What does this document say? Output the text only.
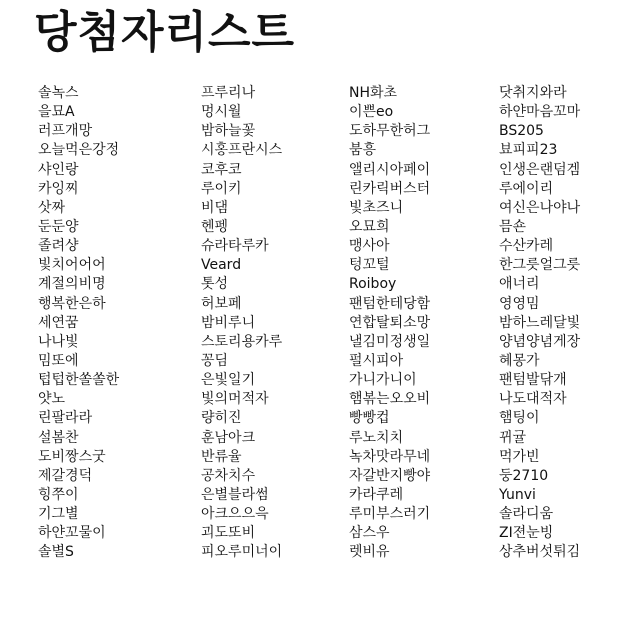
당첨자리스트
솔녹스
을묘A
러프개망
오늘먹은강정
샤인랑
카잉찌
삿짜
둔둔양
졸려샹
빛치어어어
계절의비명
행복한은하
세연꿈
나나빛
밈또에
텁텁한쏠쏠한
얏노
린팔라라
설봄찬
도비짱스굿
제갈경덕
힝쭈이
기그별
하얀꼬물이
솔별S
프루리나
멍시월
밤하늘꽃
시홍프란시스
코후코
루이키
비댐
헨펭
슈라타루카
Veard
톳성
허보페
밤비루니
스토리용카루
꽁딤
은빛일기
빛의머적자
량히진
훈남아크
반류율
공차치수
은별블라썸
아크으으윽
괴도또비
피오루미너이
NH화초
이쁜eo
도하무한허그
붐흥
앨리시아페이
린카릭버스터
빛초즈니
오묘희
맹사아
텅꼬털
Roiboy
팬텀한테당함
연합탈퇴소망
낼김미정생일
펄시피아
가니가니이
햄볶는오오비
빵빵컵
루노치치
녹차맛라무네
자갈반지빵야
카라쿠레
루미부스러기
삼스우
렛비유
닷취지와라
하얀마음꼬마
BS205
뵤피피23
인생은랜덤겜
루에이리
여신은나야나
믐숀
수산카레
한그릇얼그릇
애너리
영영밈
밤하느레달빛
양념양념게장
혜몽가
팬텀발닦개
나도대적자
햄팅이
뀌귤
먹가빈
둥2710
Yunvi
솔라디움
ZI젼눈빙
상추버섯튀김
